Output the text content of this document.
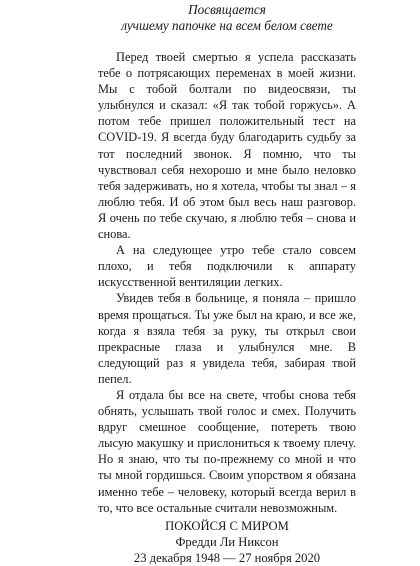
Посвящается
лучшему папочке на всем белом свете

Перед твоей смертью я успела рассказать тебе о потрясающих переменах в моей жизни. Мы с тобой болтали по видеосвязи, ты улыбнулся и сказал: «Я так тобой горжусь». А потом тебе пришел положительный тест на COVID-19. Я всегда буду благодарить судьбу за тот последний звонок. Я помню, что ты чувствовал себя нехорошо и мне было неловко тебя задерживать, но я хотела, чтобы ты знал – я люблю тебя. И об этом был весь наш разговор. Я очень по тебе скучаю, я люблю тебя – снова и снова.

А на следующее утро тебе стало совсем плохо, и тебя подключили к аппарату искусственной вентиляции легких.

Увидев тебя в больнице, я поняла – пришло время прощаться. Ты уже был на краю, и все же, когда я взяла тебя за руку, ты открыл свои прекрасные глаза и улыбнулся мне. В следующий раз я увидела тебя, забирая твой пепел.

Я отдала бы все на свете, чтобы снова тебя обнять, услышать твой голос и смех. Получить вдруг смешное сообщение, потереть твою лысую макушку и прислониться к твоему плечу. Но я знаю, что ты по-прежнему со мной и что ты мной гордишься. Своим упорством я обязана именно тебе – человеку, который всегда верил в то, что все остальные считали невозможным.

ПОКОЙСЯ С МИРОМ
Фредди Ли Никсон
23 декабря 1948 — 27 ноября 2020
